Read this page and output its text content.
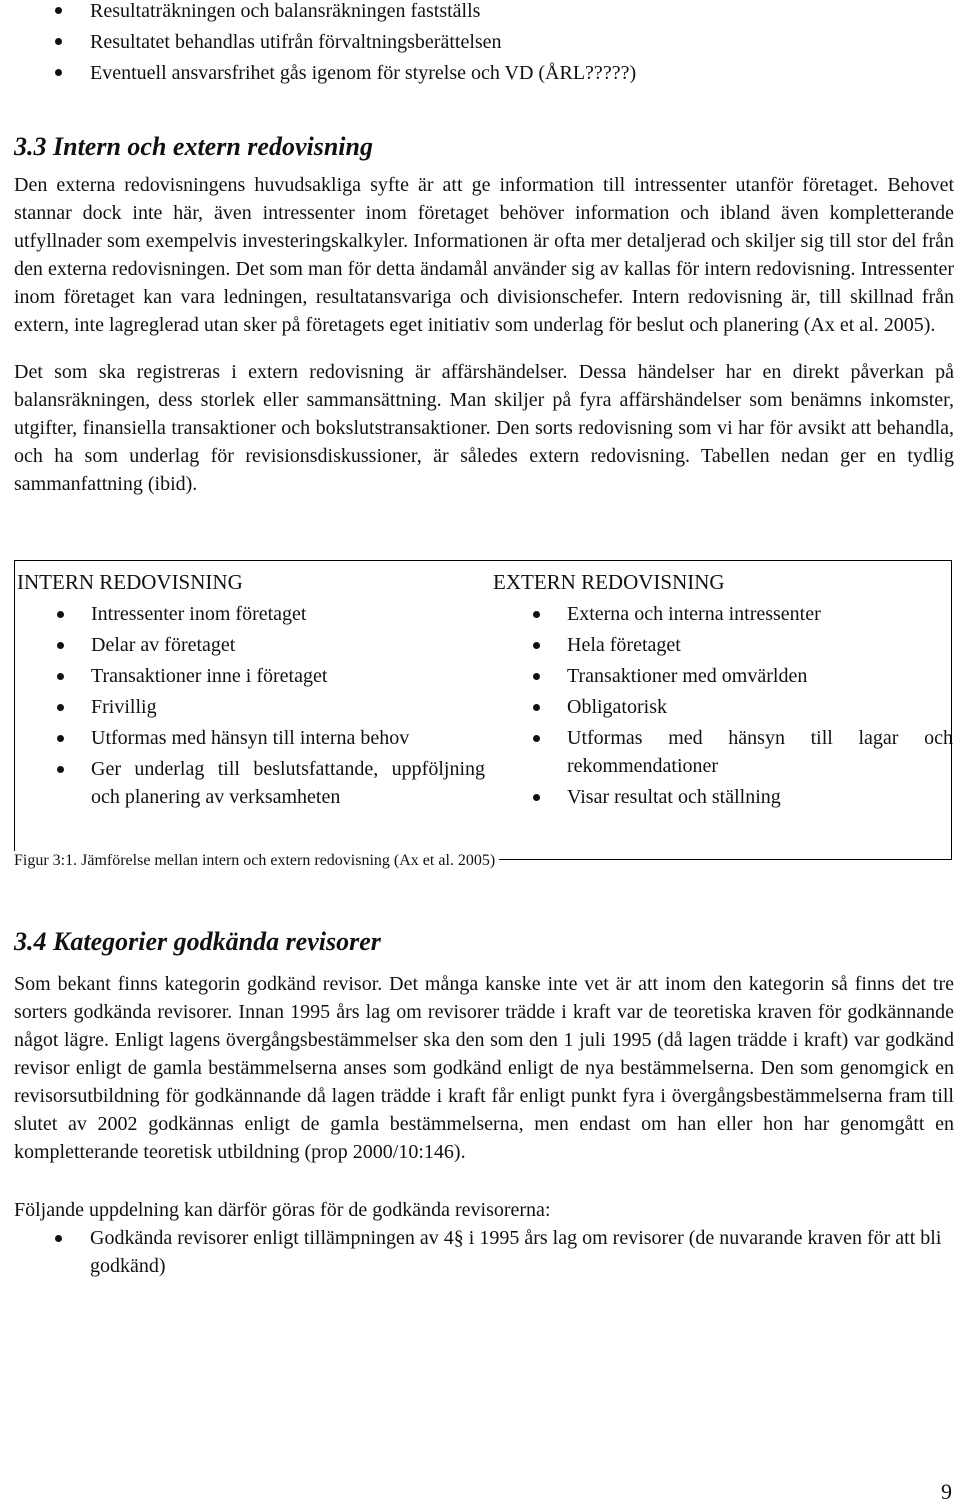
Resultaträkningen och balansräkningen fastställs
Resultatet behandlas utifrån förvaltningsberättelsen
Eventuell ansvarsfrihet gås igenom för styrelse och VD (ÅRL?????)
3.3 Intern och extern redovisning

Den externa redovisningens huvudsakliga syfte är att ge information till intressenter utanför företaget. Behovet stannar dock inte här, även intressenter inom företaget behöver information och ibland även kompletterande utfyllnader som exempelvis investeringskalkyler. Informationen är ofta mer detaljerad och skiljer sig till stor del från den externa redovisningen. Det som man för detta ändamål använder sig av kallas för intern redovisning. Intressenter inom företaget kan vara ledningen, resultatansvariga och divisionschefer. Intern redovisning är, till skillnad från extern, inte lagreglerad utan sker på företagets eget initiativ som underlag för beslut och planering (Ax et al. 2005).

Det som ska registreras i extern redovisning är affärshändelser. Dessa händelser har en direkt påverkan på balansräkningen, dess storlek eller sammansättning. Man skiljer på fyra affärshändelser som benämns inkomster, utgifter, finansiella transaktioner och bokslutstransaktioner. Den sorts redovisning som vi har för avsikt att behandla, och ha som underlag för revisionsdiskussioner, är således extern redovisning. Tabellen nedan ger en tydlig sammanfattning (ibid).

INTERN REDOVISNING
Intressenter inom företaget
Delar av företaget
Transaktioner inne i företaget
Frivillig
Utformas med hänsyn till interna behov
Ger underlag till beslutsfattande, uppföljning och planering av verksamheten
EXTERN REDOVISNING
Externa och interna intressenter
Hela företaget
Transaktioner med omvärlden
Obligatorisk
Utformas med hänsyn till lagar och rekommendationer
Visar resultat och ställning
Figur 3:1. Jämförelse mellan intern och extern redovisning (Ax et al. 2005)
3.4 Kategorier godkända revisorer

Som bekant finns kategorin godkänd revisor. Det många kanske inte vet är att inom den kategorin så finns det tre sorters godkända revisorer. Innan 1995 års lag om revisorer trädde i kraft var de teoretiska kraven för godkännande något lägre. Enligt lagens övergångsbestämmelser ska den som den 1 juli 1995 (då lagen trädde i kraft) var godkänd revisor enligt de gamla bestämmelserna anses som godkänd enligt de nya bestämmelserna. Den som genomgick en revisorsutbildning för godkännande då lagen trädde i kraft får enligt punkt fyra i övergångsbestämmelserna fram till slutet av 2002 godkännas enligt de gamla bestämmelserna, men endast om han eller hon har genomgått en kompletterande teoretisk utbildning (prop 2000/10:146).

Följande uppdelning kan därför göras för de godkända revisorerna:

Godkända revisorer enligt tillämpningen av 4§ i 1995 års lag om revisorer (de nuvarande kraven för att bli godkänd)
9
